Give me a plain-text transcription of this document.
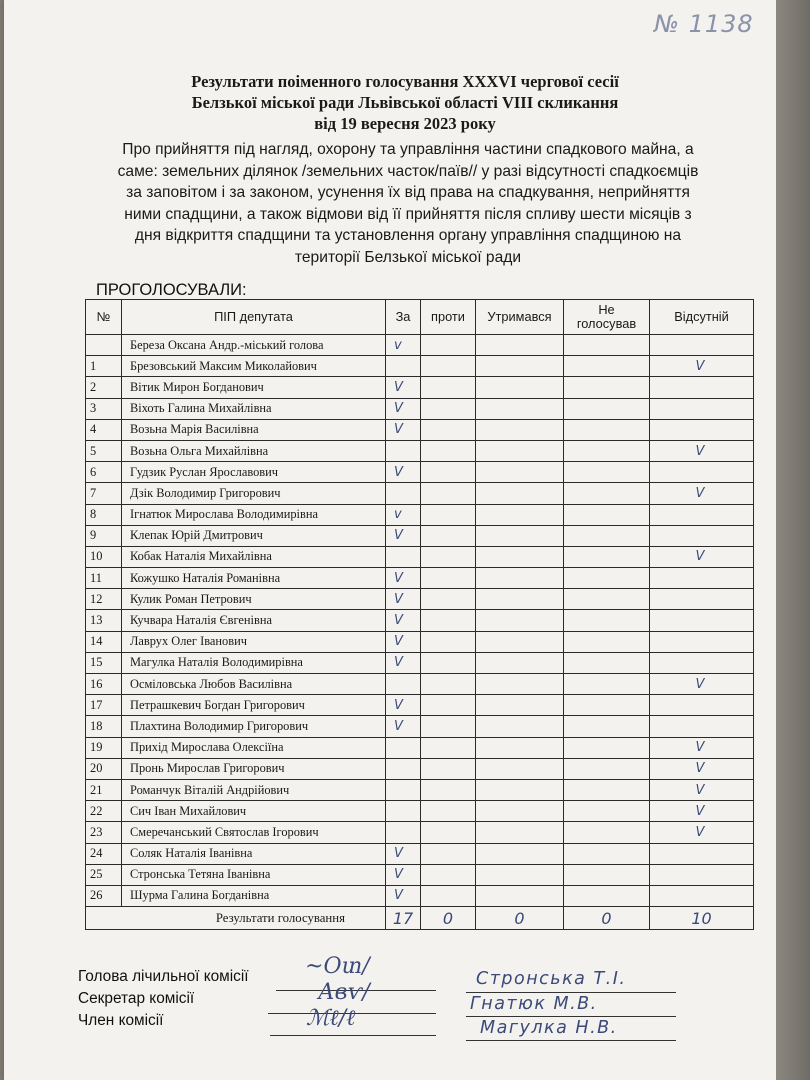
№ 1138
Результати поіменного голосування XXXVI чергової сесії
Белзької міської ради Львівської області VIII скликання
від 19 вересня 2023 року
Про прийняття під нагляд, охорону та управління частини спадкового майна, а
саме: земельних ділянок /земельних часток/паїв// у разі відсутності спадкоємців
за заповітом і за законом, усунення їх від права на спадкування, неприйняття
ними спадщини, а також відмови від її прийняття після спливу шести місяців з
дня відкриття спадщини та установлення органу управління спадщиною на
території Белзької міської ради
ПРОГОЛОСУВАЛИ:
№	ПІП депутата	За	проти	Утримався	Не голосував	Відсутній
	Береза Оксана Андр.-міський голова	v				
1	Брезовський Максим Миколайович					V
2	Вітик Мирон Богданович	V				
3	Віхоть Галина Михайлівна	V				
4	Возьна Марія Василівна	V				
5	Возьна Ольга Михайлівна					V
6	Гудзик Руслан Ярославович	V				
7	Дзік Володимир Григорович					V
8	Ігнатюк Мирослава Володимирівна	v				
9	Клепак Юрій Дмитрович	V				
10	Кобак Наталія Михайлівна					V
11	Кожушко Наталія Романівна	V				
12	Кулик Роман Петрович	V				
13	Кучвара Наталія Євгенівна	V				
14	Лаврух Олег Іванович	V				
15	Магулка Наталія Володимирівна	V				
16	Осміловська Любов Василівна					V
17	Петрашкевич Богдан Григорович	V				
18	Плахтина Володимир Григорович	V				
19	Прихід Мирослава Олексіїна					V
20	Пронь Мирослав Григорович					V
21	Романчук Віталій Андрійович					V
22	Сич Іван Михайлович					V
23	Смеречанський Святослав Ігорович					V
24	Соляк Наталія Іванівна	V				
25	Стронська Тетяна Іванівна	V				
26	Шурма Галина Богданівна	V				
Результати голосування		17	0	0	0	10
Голова лічильної комісії
Секретар комісії
Член комісії
~Օտ/
Авѵ/
ℳℓ/ℓ
Стронська Т.І.
Гнатюк М.В.
Магулка Н.В.
